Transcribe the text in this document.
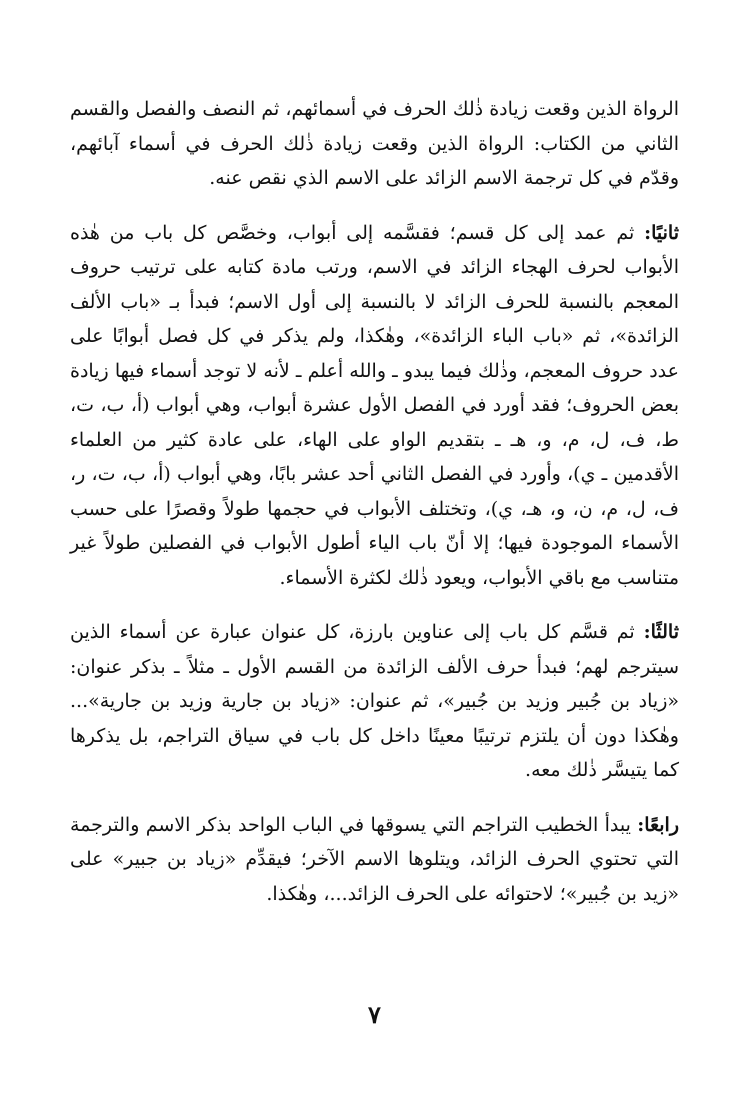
الرواة الذين وقعت زيادة ذٰلك الحرف في أسمائهم، ثم النصف والفصل والقسم الثاني من الكتاب: الرواة الذين وقعت زيادة ذٰلك الحرف في أسماء آبائهم، وقدّم في كل ترجمة الاسم الزائد على الاسم الذي نقص عنه.

ثانيًا: ثم عمد إلى كل قسم؛ فقسَّمه إلى أبواب، وخصَّص كل باب من هٰذه الأبواب لحرف الهجاء الزائد في الاسم، ورتب مادة كتابه على ترتيب حروف المعجم بالنسبة للحرف الزائد لا بالنسبة إلى أول الاسم؛ فبدأ بـ «باب الألف الزائدة»، ثم «باب الباء الزائدة»، وهٰكذا، ولم يذكر في كل فصل أبوابًا على عدد حروف المعجم، وذٰلك فيما يبدو ـ والله أعلم ـ لأنه لا توجد أسماء فيها زيادة بعض الحروف؛ فقد أورد في الفصل الأول عشرة أبواب، وهي أبواب (أ، ب، ت، ط، ف، ل، م، و، هـ ـ بتقديم الواو على الهاء، على عادة كثير من العلماء الأقدمين ـ ي)، وأورد في الفصل الثاني أحد عشر بابًا، وهي أبواب (أ، ب، ت، ر، ف، ل، م، ن، و، هـ، ي)، وتختلف الأبواب في حجمها طولاً وقصرًا على حسب الأسماء الموجودة فيها؛ إلا أنّ باب الياء أطول الأبواب في الفصلين طولاً غير متناسب مع باقي الأبواب، ويعود ذٰلك لكثرة الأسماء.

ثالثًا: ثم قسَّم كل باب إلى عناوين بارزة، كل عنوان عبارة عن أسماء الذين سيترجم لهم؛ فبدأ حرف الألف الزائدة من القسم الأول ـ مثلاً ـ بذكر عنوان: «زياد بن جُبير وزيد بن جُبير»، ثم عنوان: «زياد بن جارية وزيد بن جارية»... وهٰكذا دون أن يلتزم ترتيبًا معينًا داخل كل باب في سياق التراجم، بل يذكرها كما يتيسَّر ذٰلك معه.

رابعًا: يبدأ الخطيب التراجم التي يسوقها في الباب الواحد بذكر الاسم والترجمة التي تحتوي الحرف الزائد، ويتلوها الاسم الآخر؛ فيقدِّم «زياد بن جبير» على «زيد بن جُبير»؛ لاحتوائه على الحرف الزائد...، وهٰكذا.

٧
